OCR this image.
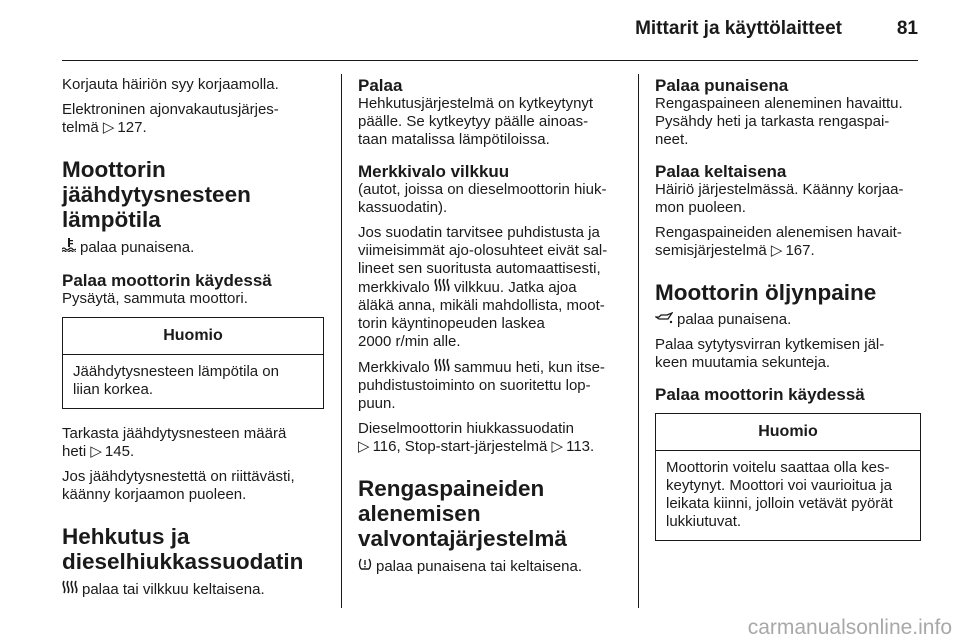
Mittarit ja käyttölaitteet	81

Korjauta häiriön syy korjaamolla.

Elektroninen ajonvakautusjärjes-
telmä ▷  127.

Moottorin
jäähdytysnesteen
lämpötila

palaa punaisena.

Palaa moottorin käydessä

Pysäytä, sammuta moottori.

Huomio
Jäähdytysnesteen lämpötila on
liian korkea.

Tarkasta jäähdytysnesteen määrä
heti ▷  145.

Jos jäähdytysnestettä on riittävästi,
käänny korjaamon puoleen.

Hehkutus ja
dieselhiukkassuodatin

palaa tai vilkkuu keltaisena.

Palaa

Hehkutusjärjestelmä on kytkeytynyt
päälle. Se kytkeytyy päälle ainoas-
taan matalissa lämpötiloissa.

Merkkivalo vilkkuu

(autot, joissa on dieselmoottorin hiuk-
kassuodatin).

Jos suodatin tarvitsee puhdistusta ja
viimeisimmät ajo-olosuhteet eivät sal-
lineet sen suoritusta automaattisesti,
merkkivalo  vilkkuu. Jatka ajoa
äläkä anna, mikäli mahdollista, moot-
torin käyntinopeuden laskea
2000 r/min alle.

Merkkivalo  sammuu heti, kun itse-
puhdistustoiminto on suoritettu lop-
puun.

Dieselmoottorin hiukkassuodatin
▷  116, Stop-start-järjestelmä ▷  113.

Rengaspaineiden
alenemisen
valvontajärjestelmä

palaa punaisena tai keltaisena.

Palaa punaisena

Rengaspaineen aleneminen havaittu.
Pysähdy heti ja tarkasta rengaspai-
neet.

Palaa keltaisena

Häiriö järjestelmässä. Käänny korjaa-
mon puoleen.

Rengaspaineiden alenemisen havait-
semisjärjestelmä ▷  167.

Moottorin öljynpaine

palaa punaisena.

Palaa sytytysvirran kytkemisen jäl-
keen muutamia sekunteja.

Palaa moottorin käydessä
Huomio
Moottorin voitelu saattaa olla kes-
keytynyt. Moottori voi vaurioitua ja
leikata kiinni, jolloin vetävät pyörät
lukkiutuvat.
carmanualsonline.info
